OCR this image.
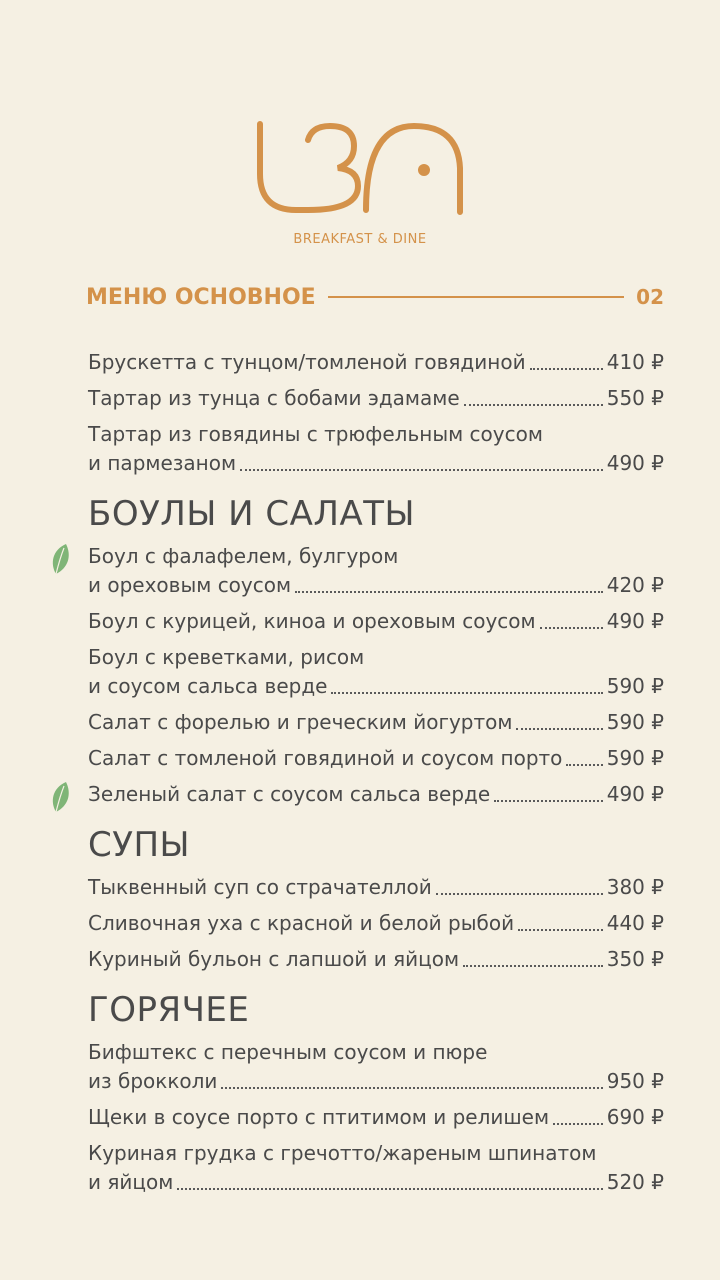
BREAKFAST & DINE
МЕНЮ ОСНОВНОЕ	02
Брускетта с тунцом/томленой говядиной	410 ₽
Тартар из тунца с бобами эдамаме	550 ₽
Тартар из говядины с трюфельным соусом
и пармезаном	490 ₽
БОУЛЫ И САЛАТЫ
Боул с фалафелем, булгуром
и ореховым соусом	420 ₽
Боул с курицей, киноа и ореховым соусом	490 ₽
Боул с креветками, рисом
и соусом сальса верде	590 ₽
Салат с форелью и греческим йогуртом	590 ₽
Салат с томленой говядиной и соусом порто 590 ₽
Зеленый салат с соусом сальса верде	490 ₽
СУПЫ
Тыквенный суп со страчателлой	380 ₽
Сливочная уха с красной и белой рыбой	440 ₽
Куриный бульон с лапшой и яйцом	350 ₽
ГОРЯЧЕЕ
Бифштекс с перечным соусом и пюре
из брокколи	950 ₽
Щеки в соусе порто с птитимом и релишем	690 ₽
Куриная грудка с гречотто/жареным шпинатом
и яйцом	520 ₽
